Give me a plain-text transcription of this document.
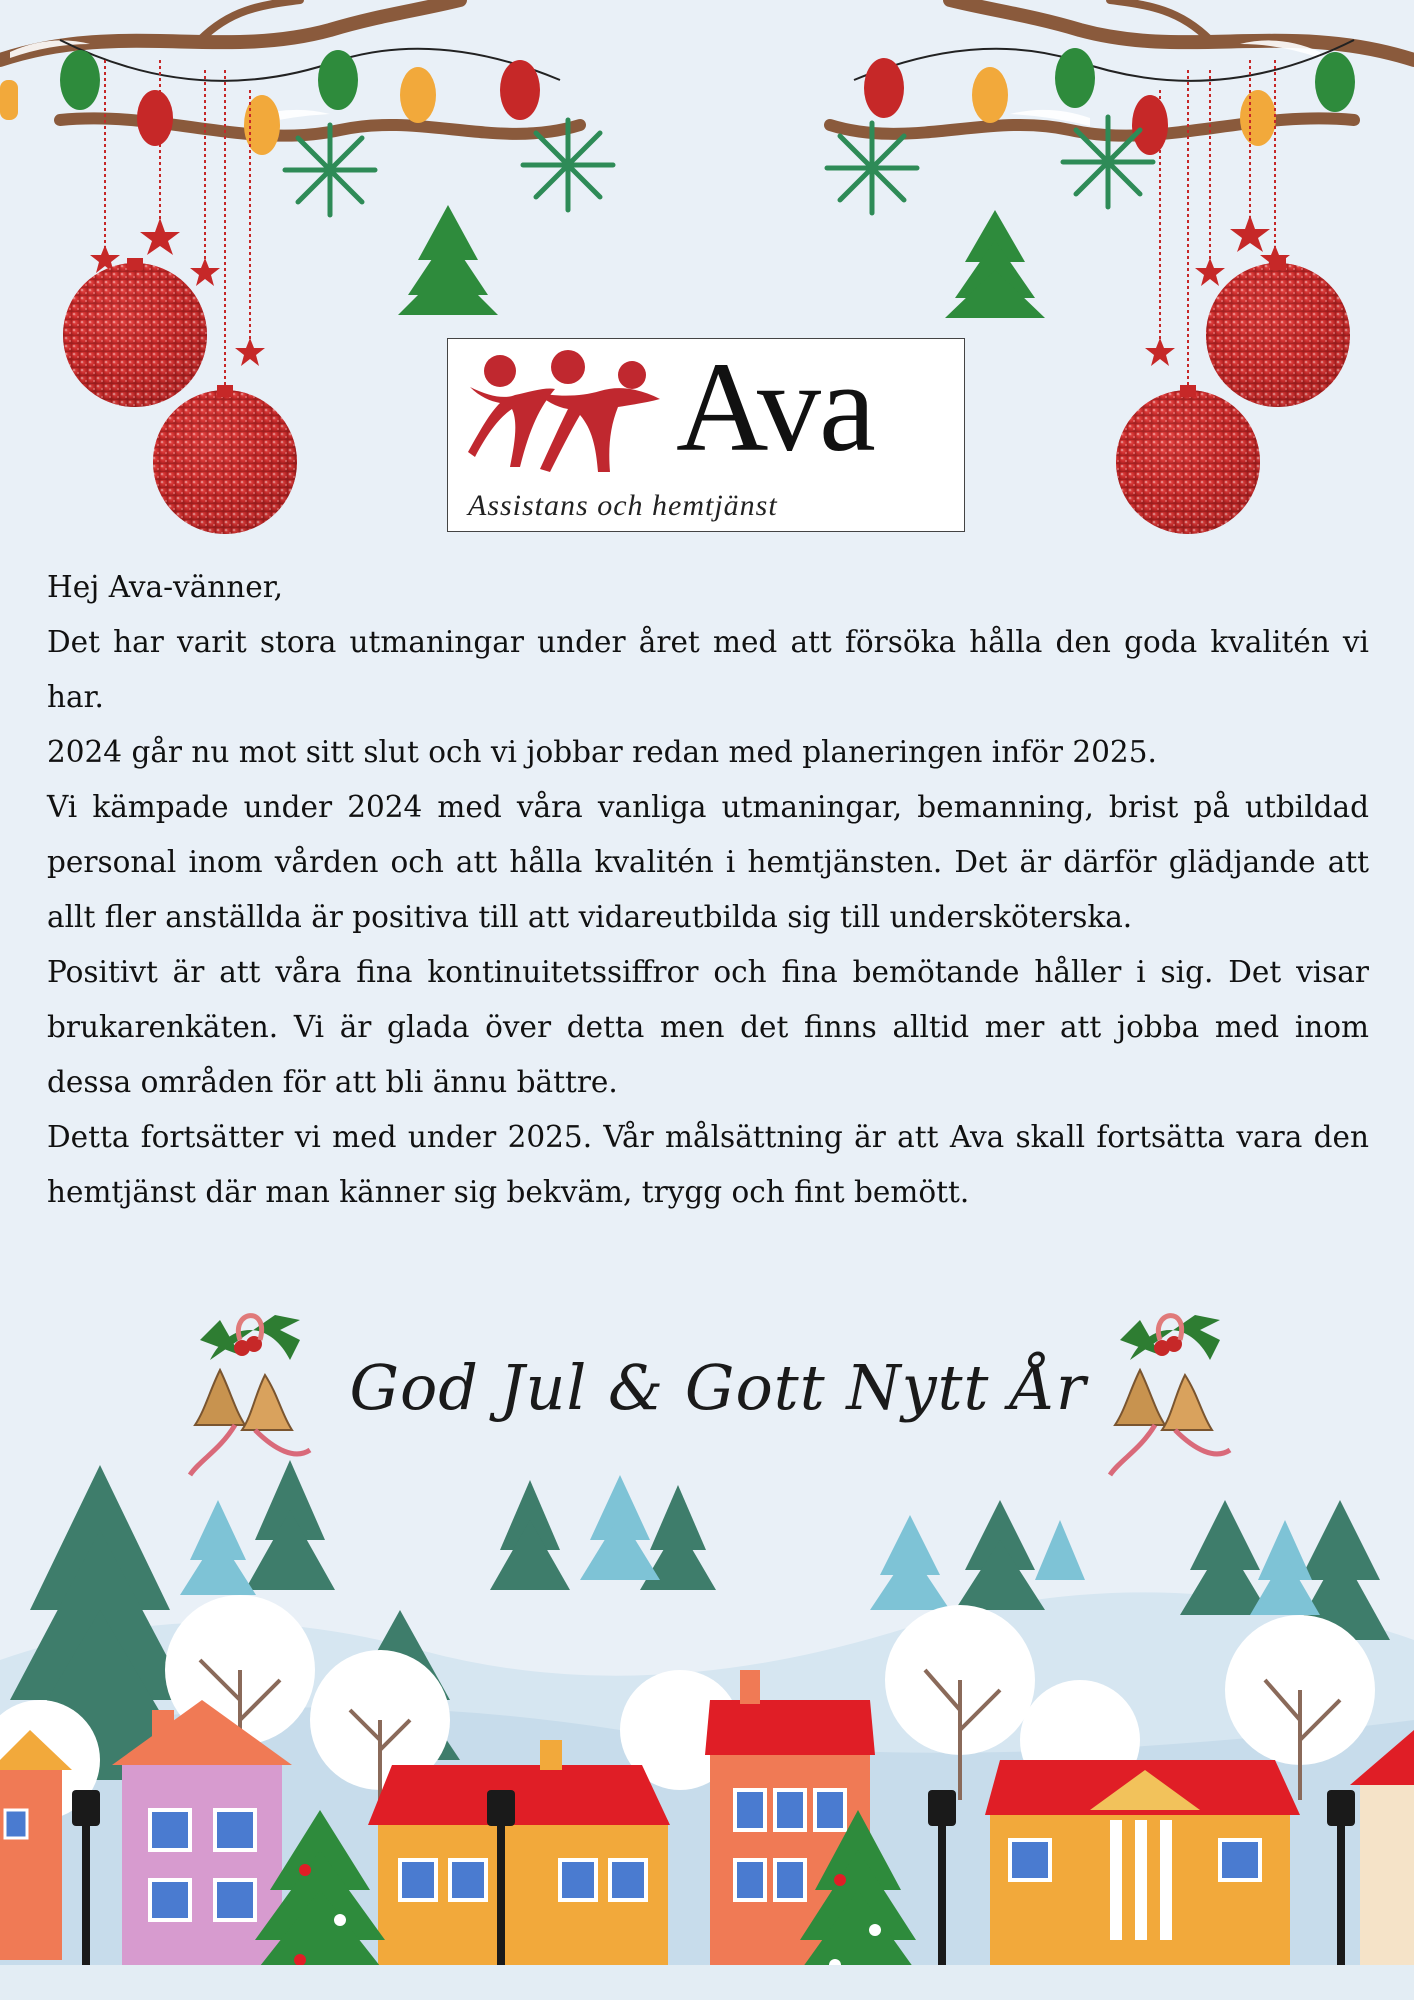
Ava
Assistans och hemtjänst

Hej Ava-vänner,

Det har varit stora utmaningar under året med att försöka hålla den goda kvalitén vi har.

2024 går nu mot sitt slut och vi jobbar redan med planeringen inför 2025.

Vi kämpade under 2024 med våra vanliga utmaningar, bemanning, brist på utbildad personal inom vården och att hålla kvalitén i hemtjänsten. Det är därför glädjande att allt fler anställda är positiva till att vidareutbilda sig till undersköterska.

Positivt är att våra fina kontinuitetssiffror och fina bemötande håller i sig. Det visar brukarenkäten. Vi är glada över detta men det finns alltid mer att jobba med inom dessa områden för att bli ännu bättre.

Detta fortsätter vi med under 2025. Vår målsättning är att Ava skall fortsätta vara den hemtjänst där man känner sig bekväm, trygg och fint bemött.

God Jul & Gott Nytt År
